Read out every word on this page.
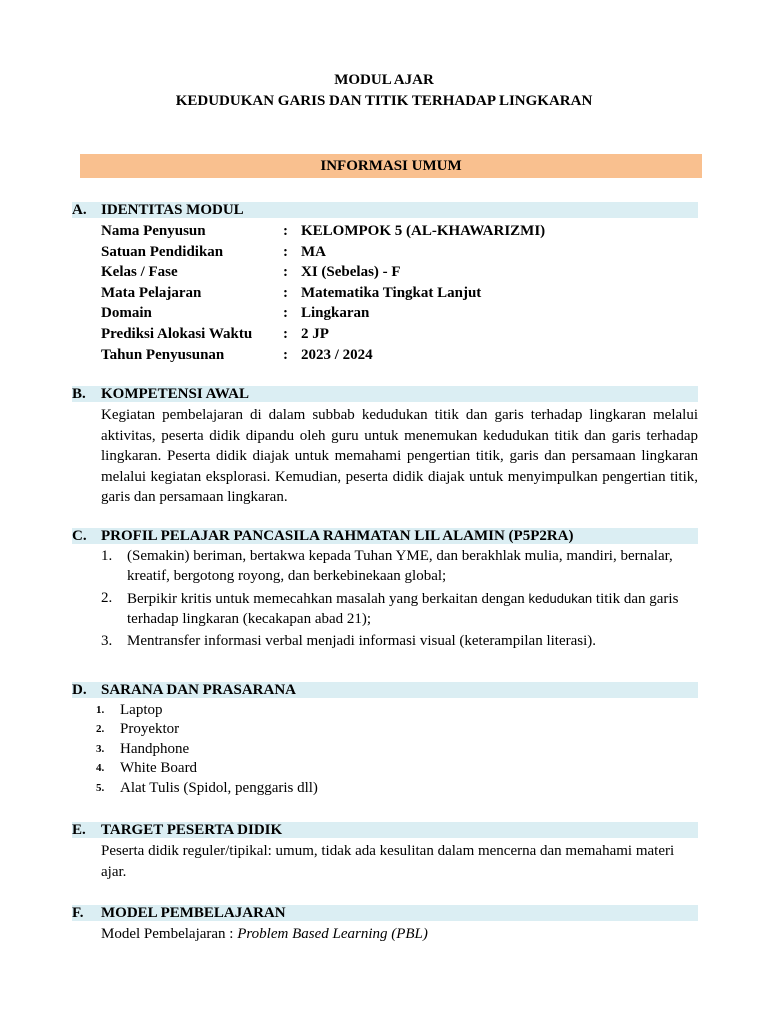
MODUL AJAR
KEDUDUKAN GARIS DAN TITIK TERHADAP LINGKARAN
INFORMASI UMUM
A. IDENTITAS MODUL
Nama Penyusun	: KELOMPOK 5 (AL-KHAWARIZMI)
Satuan Pendidikan	: MA
Kelas / Fase	: XI (Sebelas) - F
Mata Pelajaran	: Matematika Tingkat Lanjut
Domain	: Lingkaran
Prediksi Alokasi Waktu	: 2 JP
Tahun Penyusunan	: 2023 / 2024
B. KOMPETENSI AWAL
Kegiatan pembelajaran di dalam subbab kedudukan titik dan garis terhadap lingkaran melalui aktivitas, peserta didik dipandu oleh guru untuk menemukan kedudukan titik dan garis terhadap lingkaran. Peserta didik diajak untuk memahami pengertian titik, garis dan persamaan lingkaran melalui kegiatan eksplorasi. Kemudian, peserta didik diajak untuk menyimpulkan pengertian titik, garis dan persamaan lingkaran.
C. PROFIL PELAJAR PANCASILA RAHMATAN LIL ALAMIN (P5P2RA)
1. (Semakin) beriman, bertakwa kepada Tuhan YME, dan berakhlak mulia, mandiri, bernalar, kreatif, bergotong royong, dan berkebinekaan global;
2. Berpikir kritis untuk memecahkan masalah yang berkaitan dengan kedudukan titik dan garis terhadap lingkaran (kecakapan abad 21);
3. Mentransfer informasi verbal menjadi informasi visual (keterampilan literasi).
D. SARANA DAN PRASARANA
1.	Laptop
2.	Proyektor
3.	Handphone
4.	White Board
5.	Alat Tulis (Spidol, penggaris dll)
E. TARGET PESERTA DIDIK
Peserta didik reguler/tipikal: umum, tidak ada kesulitan dalam mencerna dan memahami materi ajar.
F. MODEL PEMBELAJARAN
Model Pembelajaran : Problem Based Learning (PBL)
